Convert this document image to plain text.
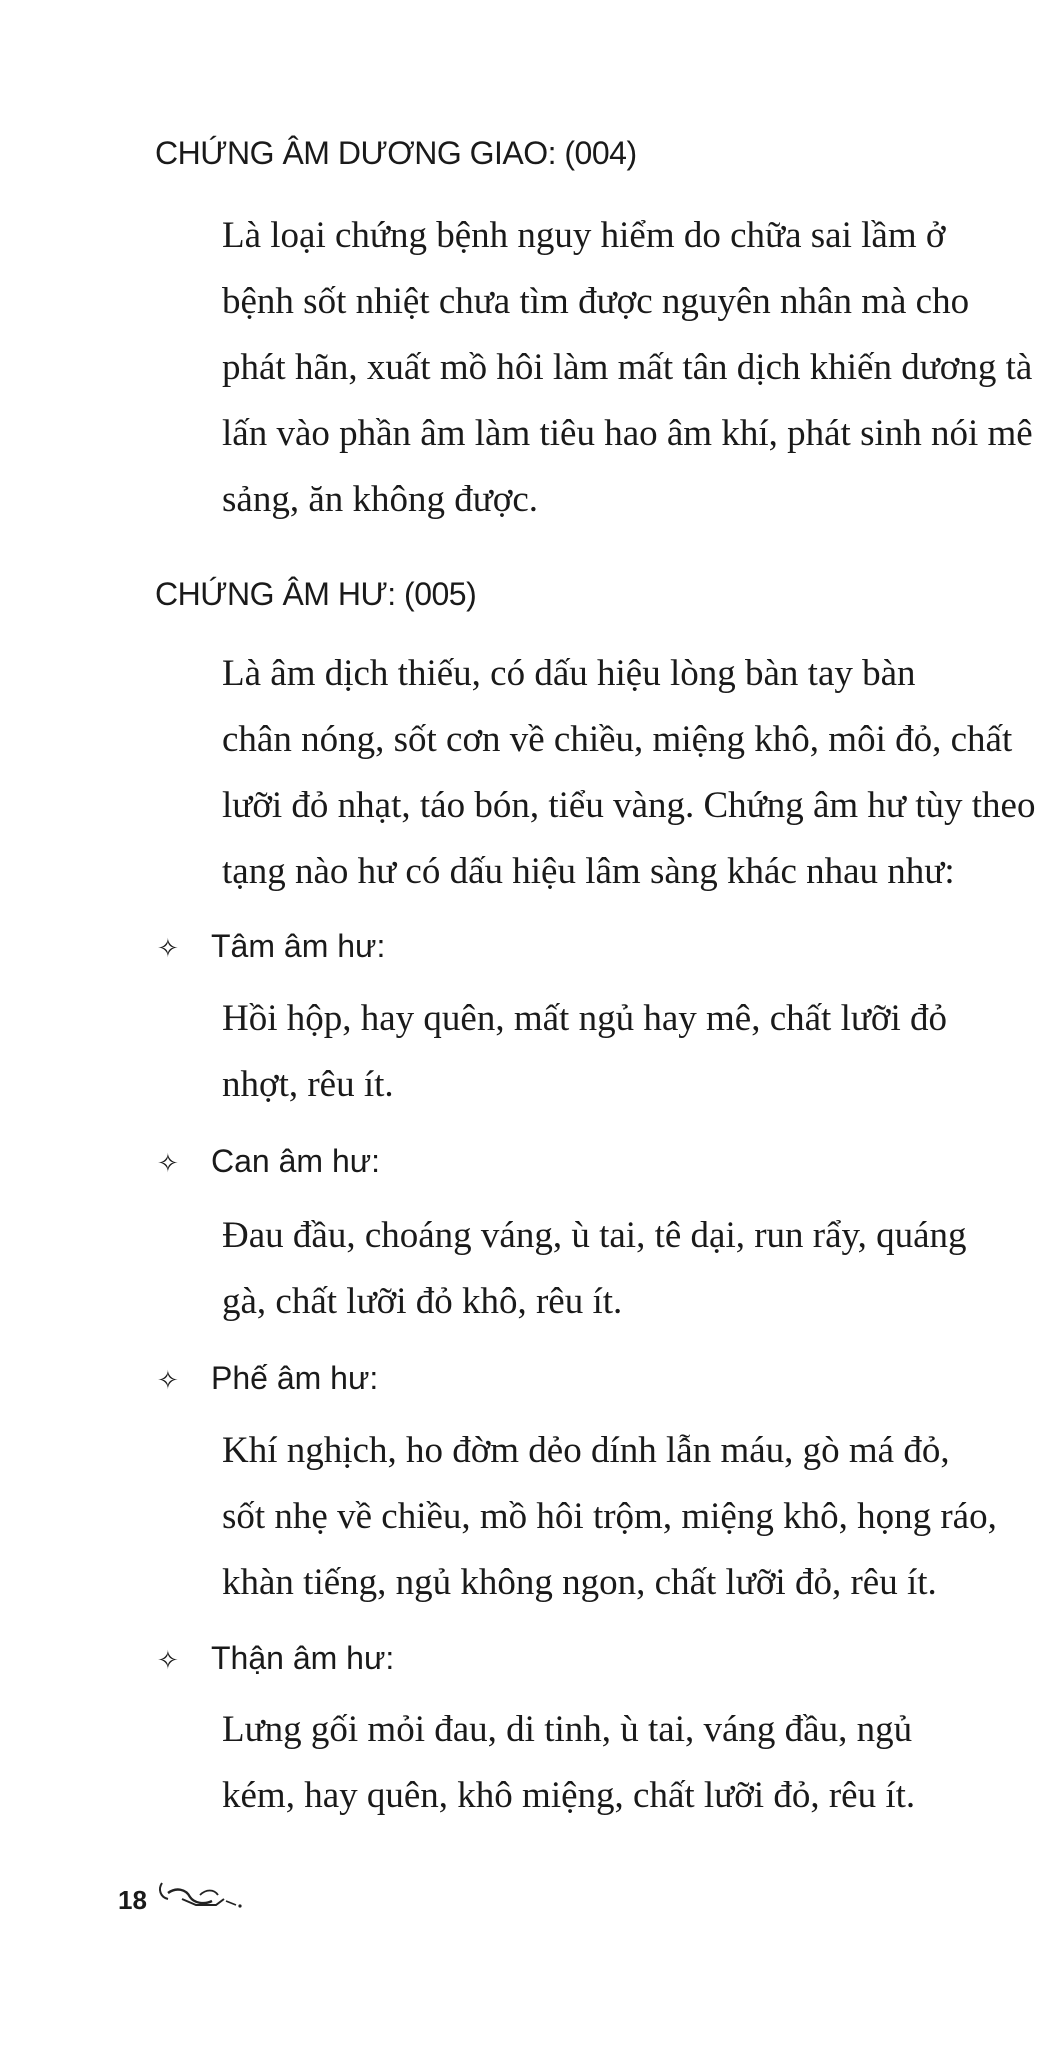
CHỨNG ÂM DƯƠNG GIAO: (004)

Là loại chứng bệnh nguy hiểm do chữa sai lầm ở
bệnh sốt nhiệt chưa tìm được nguyên nhân mà cho
phát hãn, xuất mồ hôi làm mất tân dịch khiến dương tà
lấn vào phần âm làm tiêu hao âm khí, phát sinh nói mê
sảng, ăn không được.

CHỨNG ÂM HƯ: (005)

Là âm dịch thiếu, có dấu hiệu lòng bàn tay bàn
chân nóng, sốt cơn về chiều, miệng khô, môi đỏ, chất
lưỡi đỏ nhạt, táo bón, tiểu vàng. Chứng âm hư tùy theo
tạng nào hư có dấu hiệu lâm sàng khác nhau như:

✧ Tâm âm hư:

Hồi hộp, hay quên, mất ngủ hay mê, chất lưỡi đỏ
nhợt, rêu ít.

✧ Can âm hư:

Đau đầu, choáng váng, ù tai, tê dại, run rẩy, quáng
gà, chất lưỡi đỏ khô, rêu ít.

✧ Phế âm hư:

Khí nghịch, ho đờm dẻo dính lẫn máu, gò má đỏ,
sốt nhẹ về chiều, mồ hôi trộm, miệng khô, họng ráo,
khàn tiếng, ngủ không ngon, chất lưỡi đỏ, rêu ít.

✧ Thận âm hư:

Lưng gối mỏi đau, di tinh, ù tai, váng đầu, ngủ
kém, hay quên, khô miệng, chất lưỡi đỏ, rêu ít.

18
